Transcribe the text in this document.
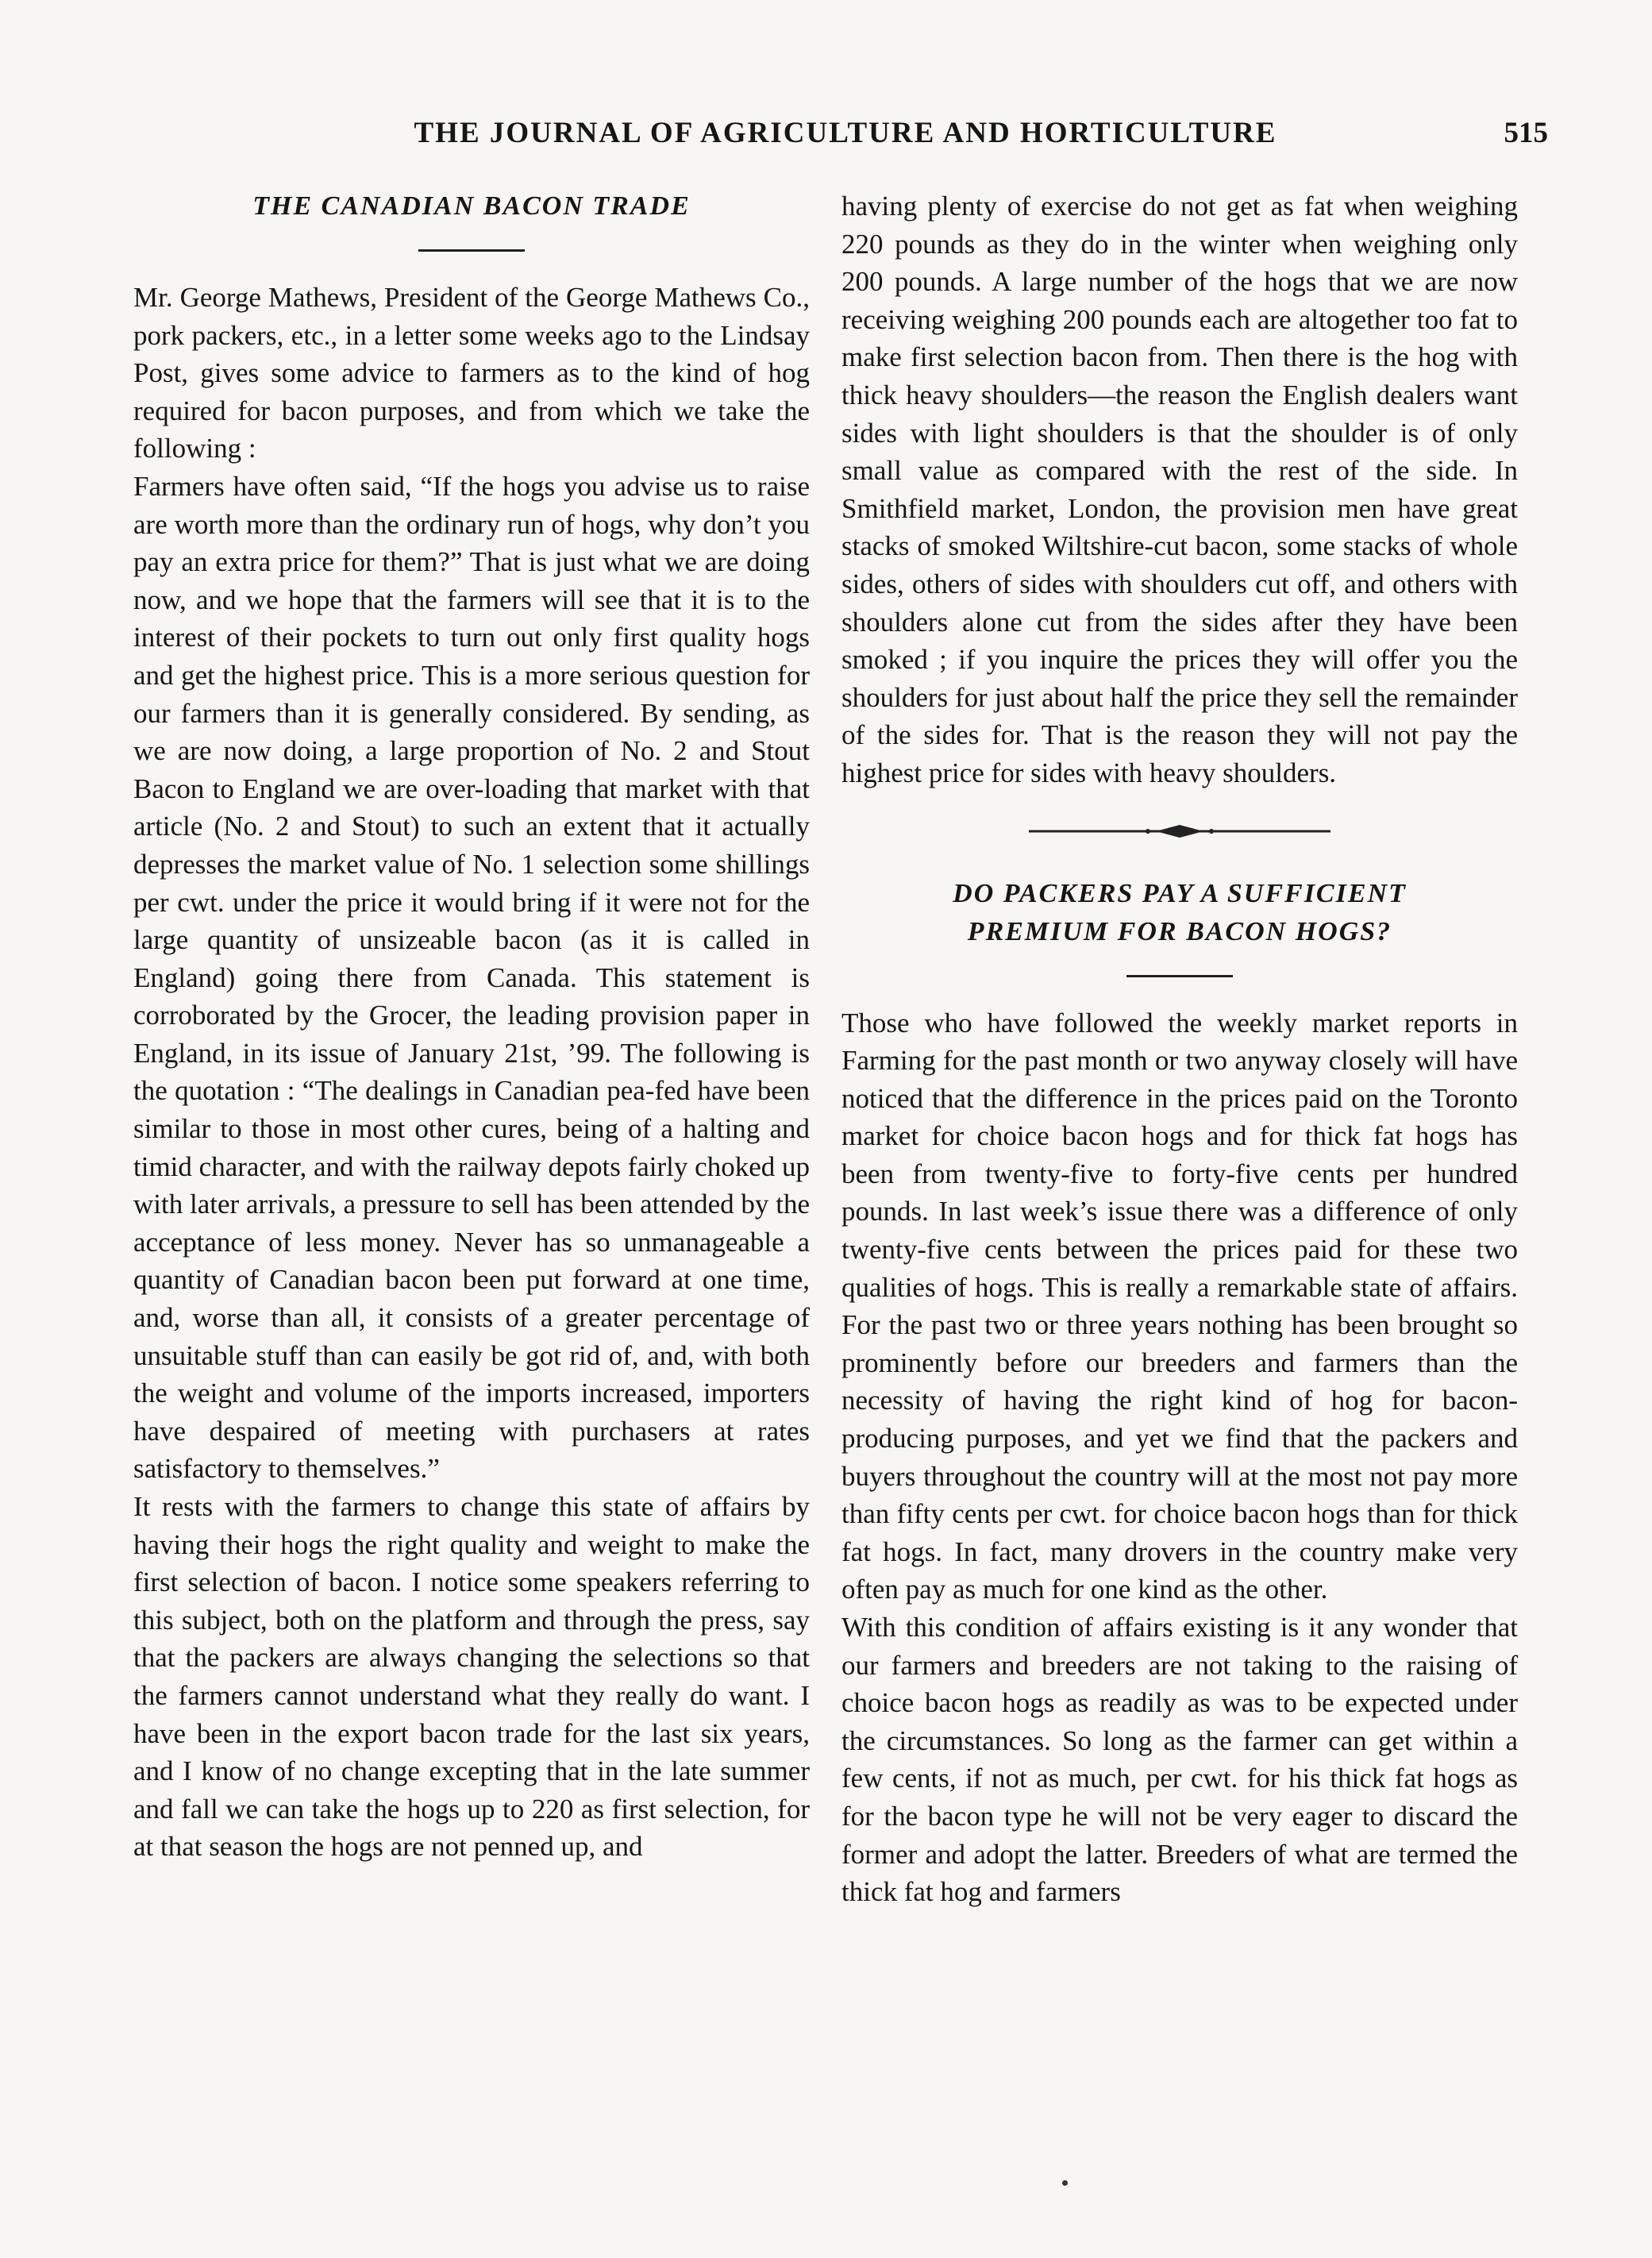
THE JOURNAL OF AGRICULTURE AND HORTICULTURE	515
THE CANADIAN BACON TRADE

Mr. George Mathews, President of the George Mathews Co., pork packers, etc., in a letter some weeks ago to the Lindsay Post, gives some advice to farmers as to the kind of hog required for bacon purposes, and from which we take the following :

Farmers have often said, “If the hogs you advise us to raise are worth more than the ordinary run of hogs, why don’t you pay an extra price for them?” That is just what we are doing now, and we hope that the farmers will see that it is to the interest of their pockets to turn out only first quality hogs and get the highest price. This is a more serious question for our farmers than it is generally considered. By sending, as we are now doing, a large proportion of No. 2 and Stout Bacon to England we are over-loading that market with that article (No. 2 and Stout) to such an extent that it actually depresses the market value of No. 1 selection some shillings per cwt. under the price it would bring if it were not for the large quantity of unsizeable bacon (as it is called in England) going there from Canada. This statement is corroborated by the Grocer, the leading provision paper in England, in its issue of January 21st, ’99. The following is the quotation : “The dealings in Canadian pea-fed have been similar to those in most other cures, being of a halting and timid character, and with the railway depots fairly choked up with later arrivals, a pressure to sell has been attended by the acceptance of less money. Never has so unmanageable a quantity of Canadian bacon been put forward at one time, and, worse than all, it consists of a greater percentage of unsuitable stuff than can easily be got rid of, and, with both the weight and volume of the imports increased, importers have despaired of meeting with purchasers at rates satisfactory to themselves.”

It rests with the farmers to change this state of affairs by having their hogs the right quality and weight to make the first selection of bacon. I notice some speakers referring to this subject, both on the platform and through the press, say that the packers are always changing the selections so that the farmers cannot understand what they really do want. I have been in the export bacon trade for the last six years, and I know of no change excepting that in the late summer and fall we can take the hogs up to 220 as first selection, for at that season the hogs are not penned up, and

having plenty of exercise do not get as fat when weighing 220 pounds as they do in the winter when weighing only 200 pounds. A large number of the hogs that we are now receiving weighing 200 pounds each are altogether too fat to make first selection bacon from. Then there is the hog with thick heavy shoulders—the reason the English dealers want sides with light shoulders is that the shoulder is of only small value as compared with the rest of the side. In Smithfield market, London, the provision men have great stacks of smoked Wiltshire-cut bacon, some stacks of whole sides, others of sides with shoulders cut off, and others with shoulders alone cut from the sides after they have been smoked ; if you inquire the prices they will offer you the shoulders for just about half the price they sell the remainder of the sides for. That is the reason they will not pay the highest price for sides with heavy shoulders.

DO PACKERS PAY A SUFFICIENT
PREMIUM FOR BACON HOGS?

Those who have followed the weekly market reports in Farming for the past month or two anyway closely will have noticed that the difference in the prices paid on the Toronto market for choice bacon hogs and for thick fat hogs has been from twenty-five to forty-five cents per hundred pounds. In last week’s issue there was a difference of only twenty-five cents between the prices paid for these two qualities of hogs. This is really a remarkable state of affairs. For the past two or three years nothing has been brought so prominently before our breeders and farmers than the necessity of having the right kind of hog for bacon-producing purposes, and yet we find that the packers and buyers throughout the country will at the most not pay more than fifty cents per cwt. for choice bacon hogs than for thick fat hogs. In fact, many drovers in the country make very often pay as much for one kind as the other.

With this condition of affairs existing is it any wonder that our farmers and breeders are not taking to the raising of choice bacon hogs as readily as was to be expected under the circumstances. So long as the farmer can get within a few cents, if not as much, per cwt. for his thick fat hogs as for the bacon type he will not be very eager to discard the former and adopt the latter. Breeders of what are termed the thick fat hog and farmers
